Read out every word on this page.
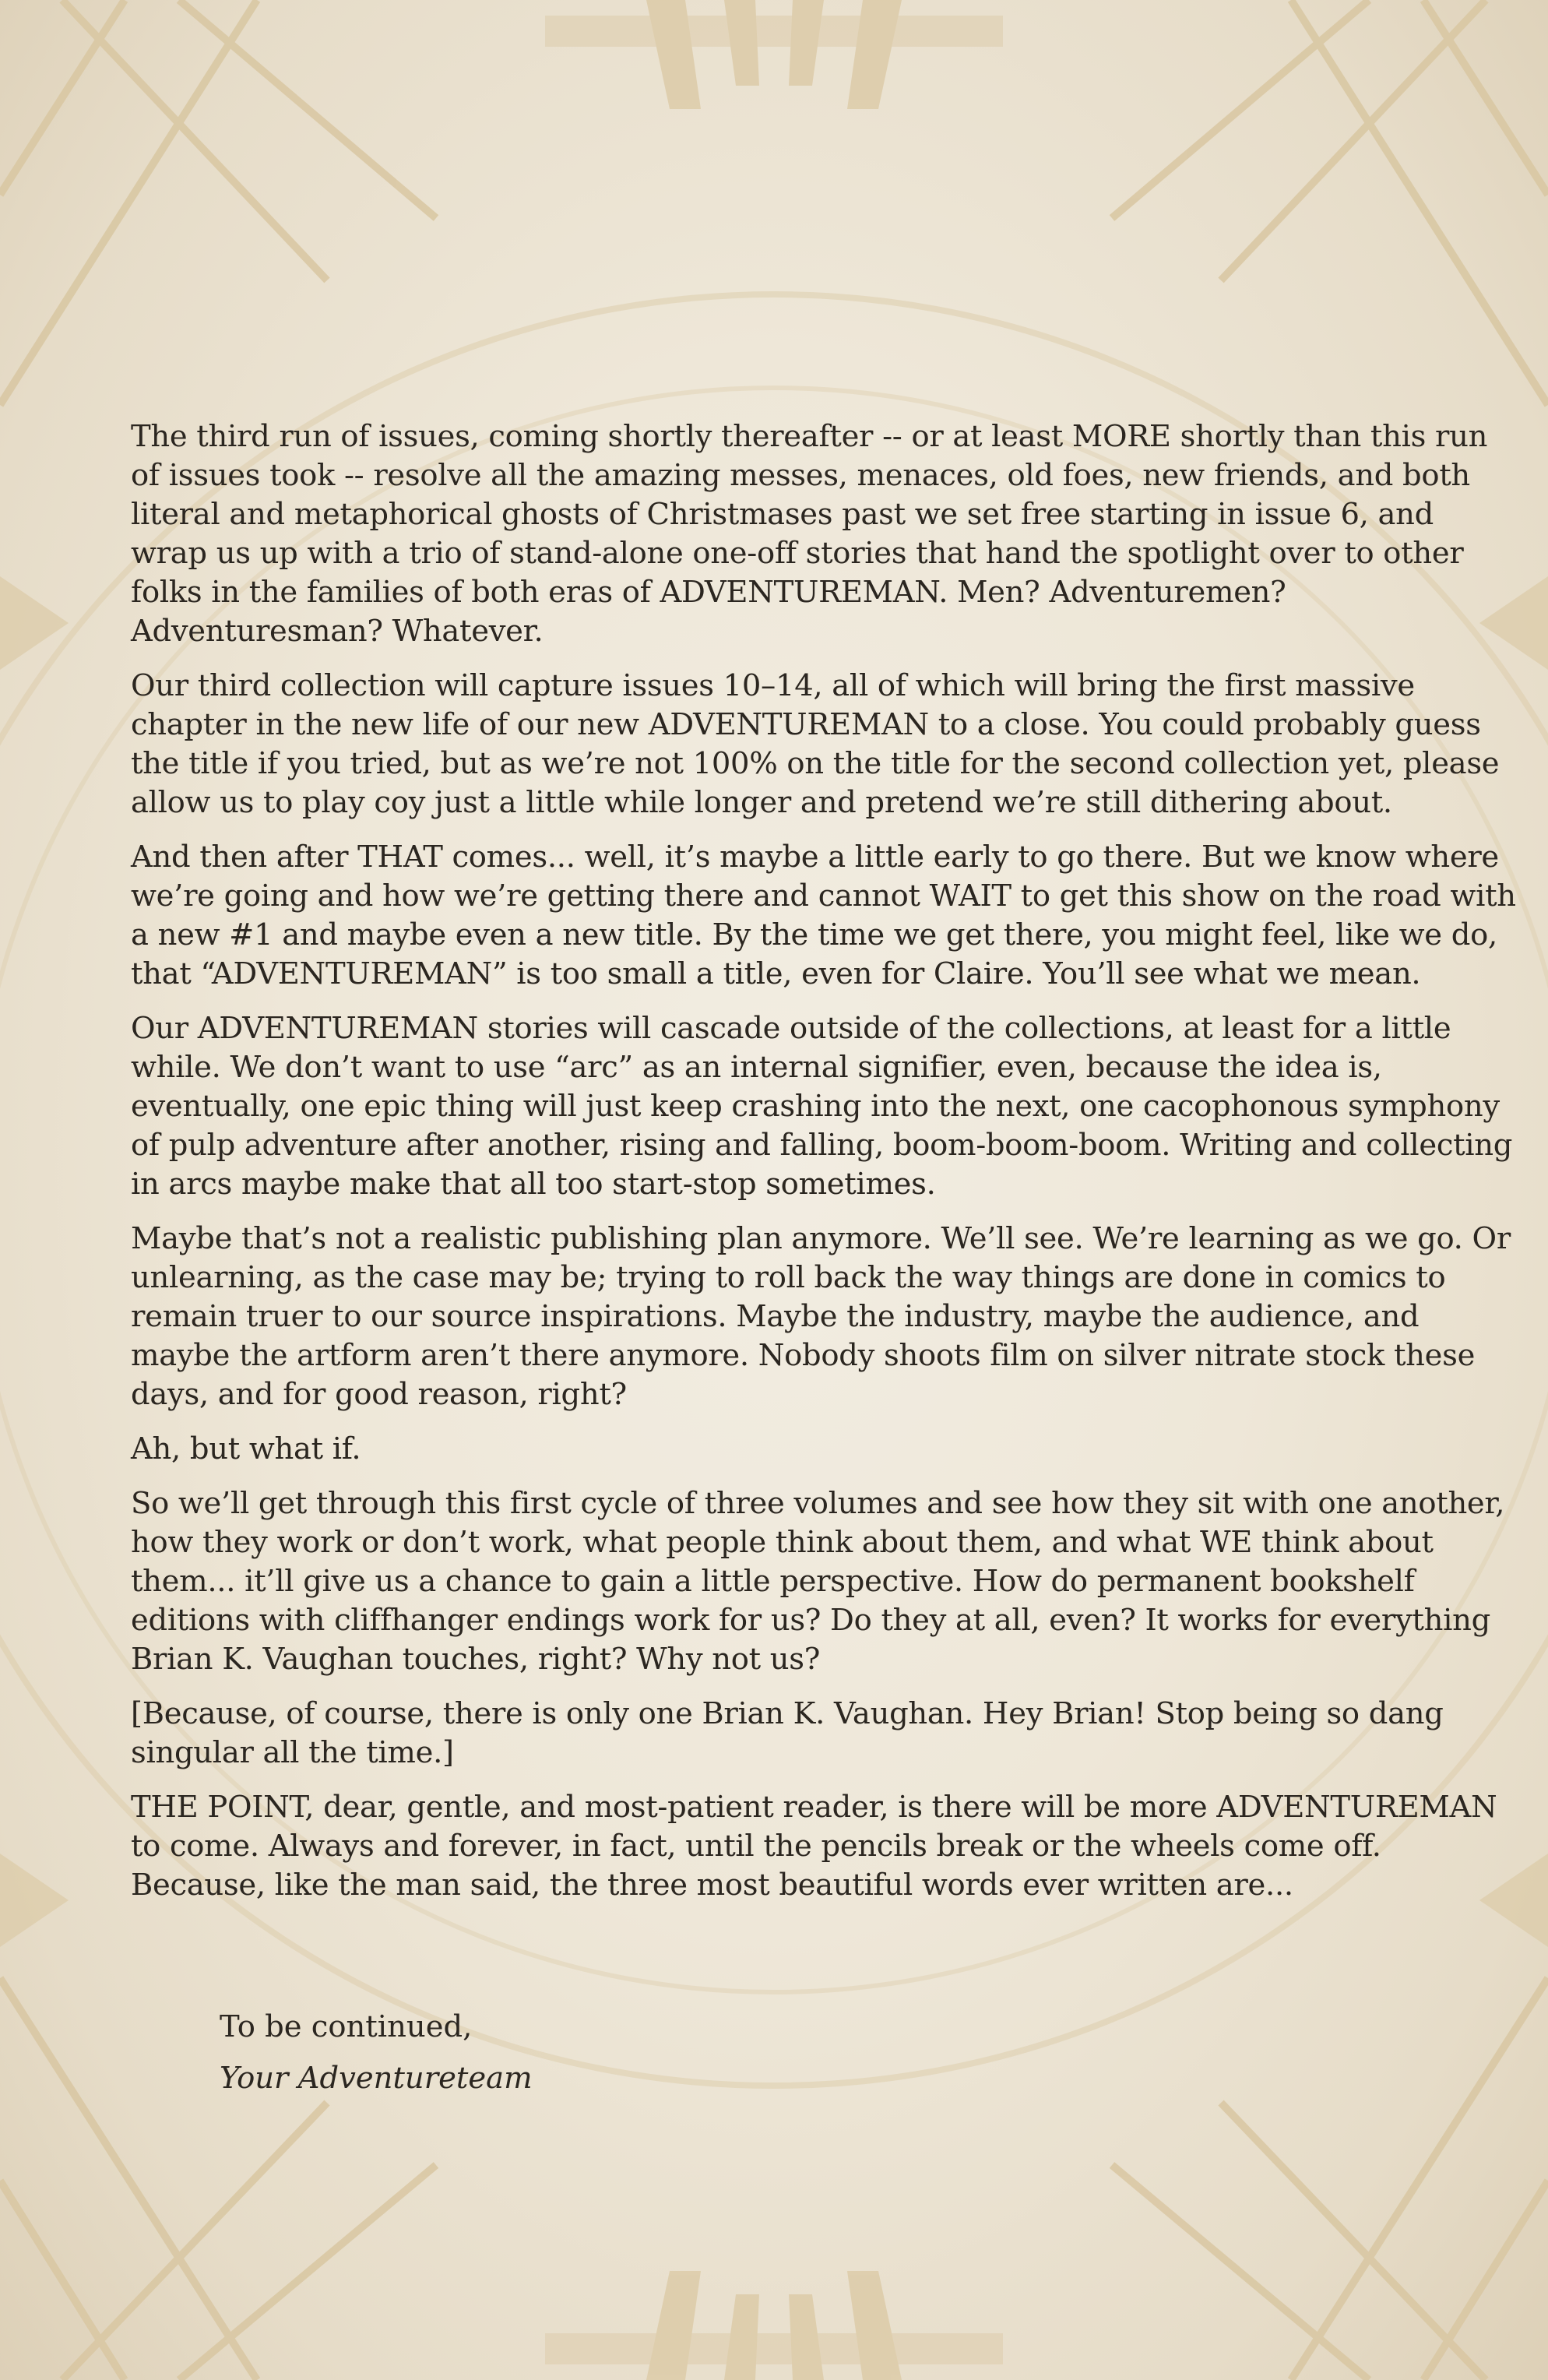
The third run of issues, coming shortly thereafter -- or at least MORE shortly than this run of issues took -- resolve all the amazing messes, menaces, old foes, new friends, and both literal and metaphorical ghosts of Christmases past we set free starting in issue 6, and wrap us up with a trio of stand-alone one-off stories that hand the spotlight over to other folks in the families of both eras of ADVENTUREMAN. Men? Adventuremen? Adventuresman? Whatever.

Our third collection will capture issues 10–14, all of which will bring the first massive chapter in the new life of our new ADVENTUREMAN to a close. You could probably guess the title if you tried, but as we’re not 100% on the title for the second collection yet, please allow us to play coy just a little while longer and pretend we’re still dithering about.

And then after THAT comes... well, it’s maybe a little early to go there. But we know where we’re going and how we’re getting there and cannot WAIT to get this show on the road with a new #1 and maybe even a new title. By the time we get there, you might feel, like we do, that “ADVENTUREMAN” is too small a title, even for Claire. You’ll see what we mean.

Our ADVENTUREMAN stories will cascade outside of the collections, at least for a little while. We don’t want to use “arc” as an internal signifier, even, because the idea is, eventually, one epic thing will just keep crashing into the next, one cacophonous symphony of pulp adventure after another, rising and falling, boom-boom-boom. Writing and collecting in arcs maybe make that all too start-stop sometimes.

Maybe that’s not a realistic publishing plan anymore. We’ll see. We’re learning as we go. Or unlearning, as the case may be; trying to roll back the way things are done in comics to remain truer to our source inspirations. Maybe the industry, maybe the audience, and maybe the artform aren’t there anymore. Nobody shoots film on silver nitrate stock these days, and for good reason, right?

Ah, but what if.

So we’ll get through this first cycle of three volumes and see how they sit with one another, how they work or don’t work, what people think about them, and what WE think about them... it’ll give us a chance to gain a little perspective. How do permanent bookshelf editions with cliffhanger endings work for us? Do they at all, even? It works for everything Brian K. Vaughan touches, right? Why not us?

[Because, of course, there is only one Brian K. Vaughan. Hey Brian! Stop being so dang singular all the time.]

THE POINT, dear, gentle, and most-patient reader, is there will be more ADVENTUREMAN to come. Always and forever, in fact, until the pencils break or the wheels come off. Because, like the man said, the three most beautiful words ever written are...

To be continued,
Your Adventureteam
